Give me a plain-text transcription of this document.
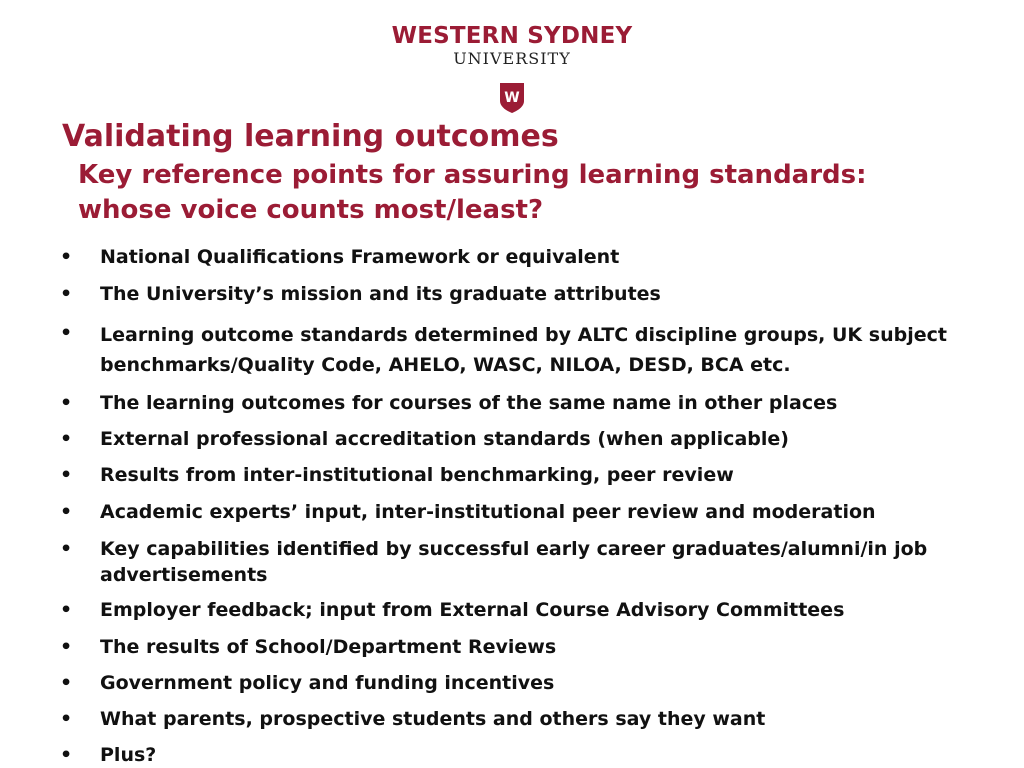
WESTERN SYDNEY
UNIVERSITY
W
Validating learning outcomes
Key reference points for assuring learning standards:
whose voice counts most/least?
•	National Qualifications Framework or equivalent
•	The University’s mission and its graduate attributes
•	Learning outcome standards determined by ALTC discipline groups, UK subject
benchmarks/Quality Code, AHELO, WASC, NILOA, DESD, BCA etc.
•	The learning outcomes for courses of the same name in other places
•	External professional accreditation standards (when applicable)
•	Results from inter-institutional benchmarking, peer review
•	Academic experts’ input, inter-institutional peer review and moderation
•	Key capabilities identified by successful early career graduates/alumni/in job
advertisements
•	Employer feedback; input from External Course Advisory Committees
•	The results of School/Department Reviews
•	Government policy and funding incentives
•	What parents, prospective students and others say they want
•	Plus?
